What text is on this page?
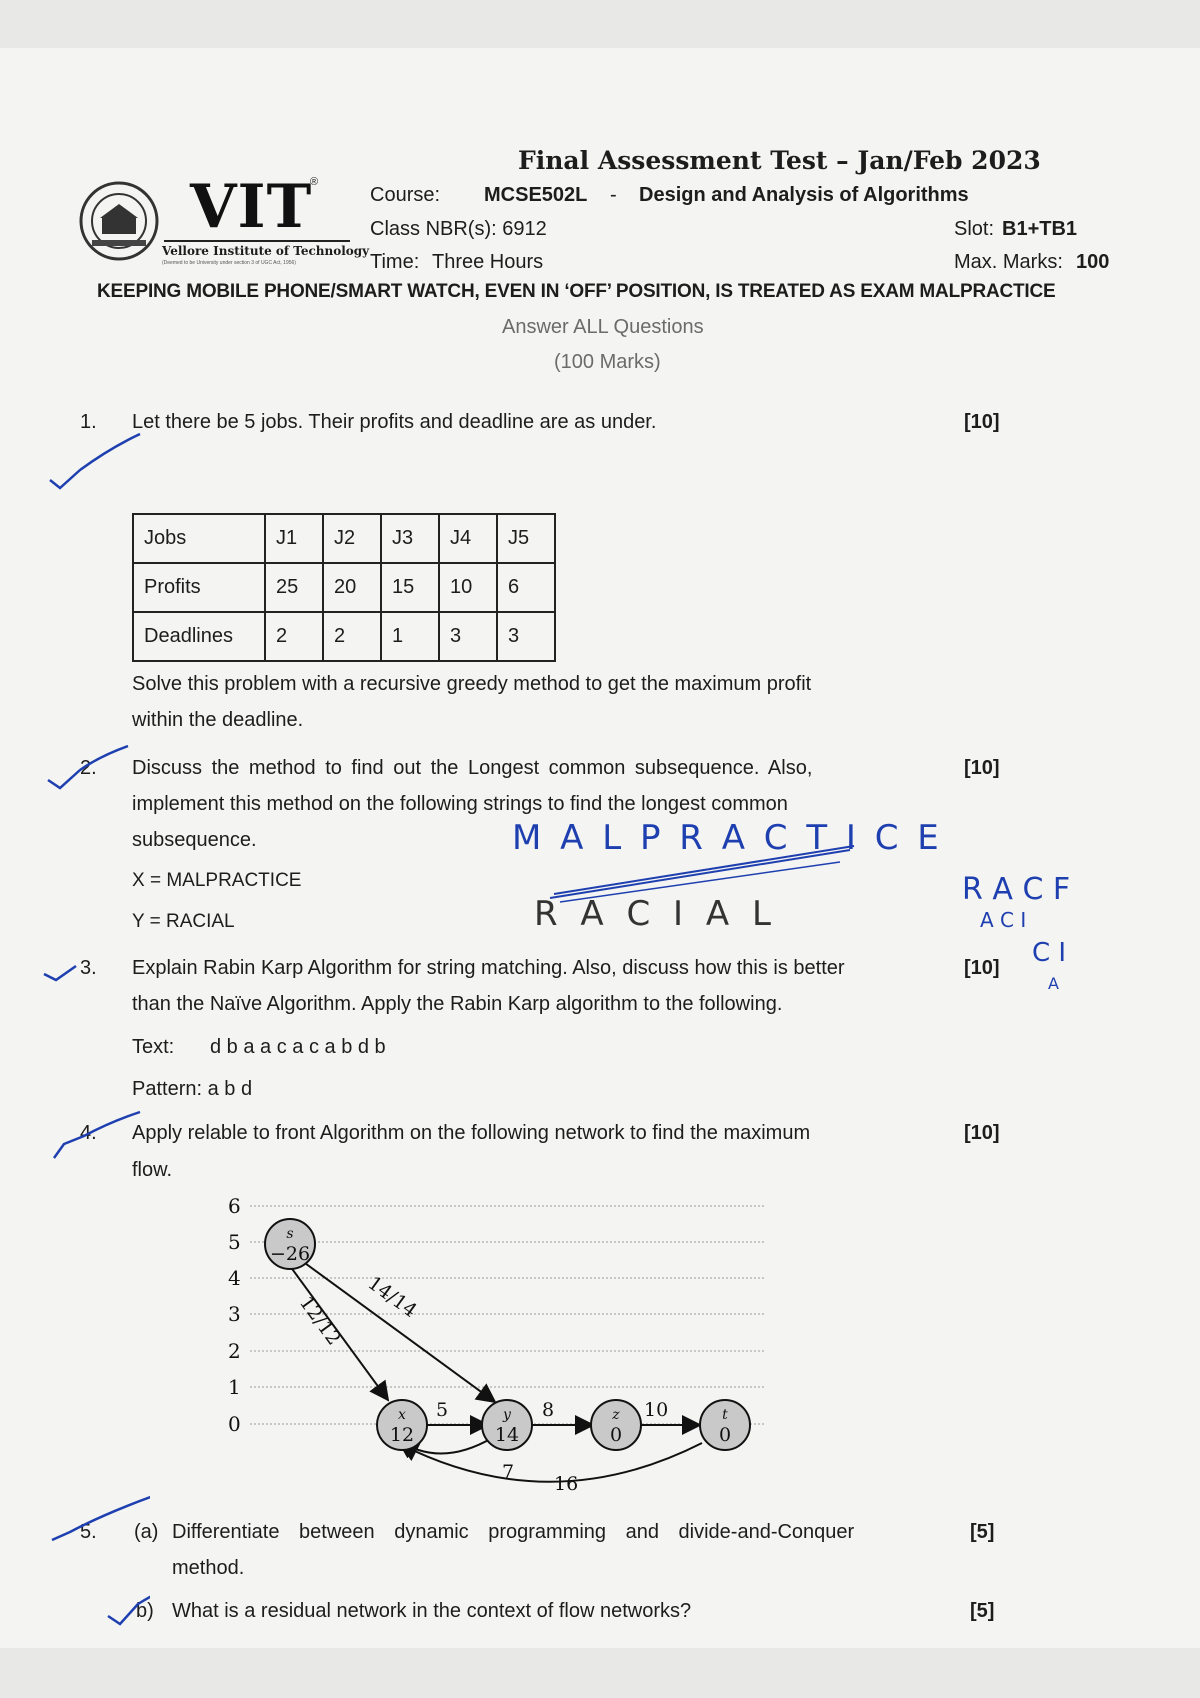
VIT
®
Vellore Institute of Technology
(Deemed to be University under section 3 of UGC Act, 1956)
Final Assessment Test – Jan/Feb 2023
Course: MCSE502L - Design and Analysis of Algorithms
Class NBR(s): 6912	Slot: B1+TB1
Time: Three Hours	Max. Marks: 100
KEEPING MOBILE PHONE/SMART WATCH, EVEN IN ‘OFF’ POSITION, IS TREATED AS EXAM MALPRACTICE
Answer ALL Questions
(100 Marks)
1. Let there be 5 jobs. Their profits and deadline are as under.	[10]
Jobs	J1	J2	J3	J4	J5
Profits	25	20	15	10	6
Deadlines	2	2	1	3	3
Solve this problem with a recursive greedy method to get the maximum profit
within the deadline.
2. Discuss the method to find out the Longest common subsequence. Also,	[10]
implement this method on the following strings to find the longest common
subsequence.
X = MALPRACTICE
Y = RACIAL
M A L P R A C T I C E
R A C I A L
R A C F
A C I
C I
A
3. Explain Rabin Karp Algorithm for string matching. Also, discuss how this is better	[10]
than the Naïve Algorithm. Apply the Rabin Karp algorithm to the following.
Text: d b a a c a c a b d b
Pattern: a b d
4. Apply relable to front Algorithm on the following network to find the maximum	[10]
flow.
6
5
4
3
2
1
0
s
−26
x
12
y
14
z
0
t
0
12/12 14/14
5	8	10
7
16
5. (a) Differentiate between dynamic programming and divide-and-Conquer	[5]
method.
b) What is a residual network in the context of flow networks?	[5]
